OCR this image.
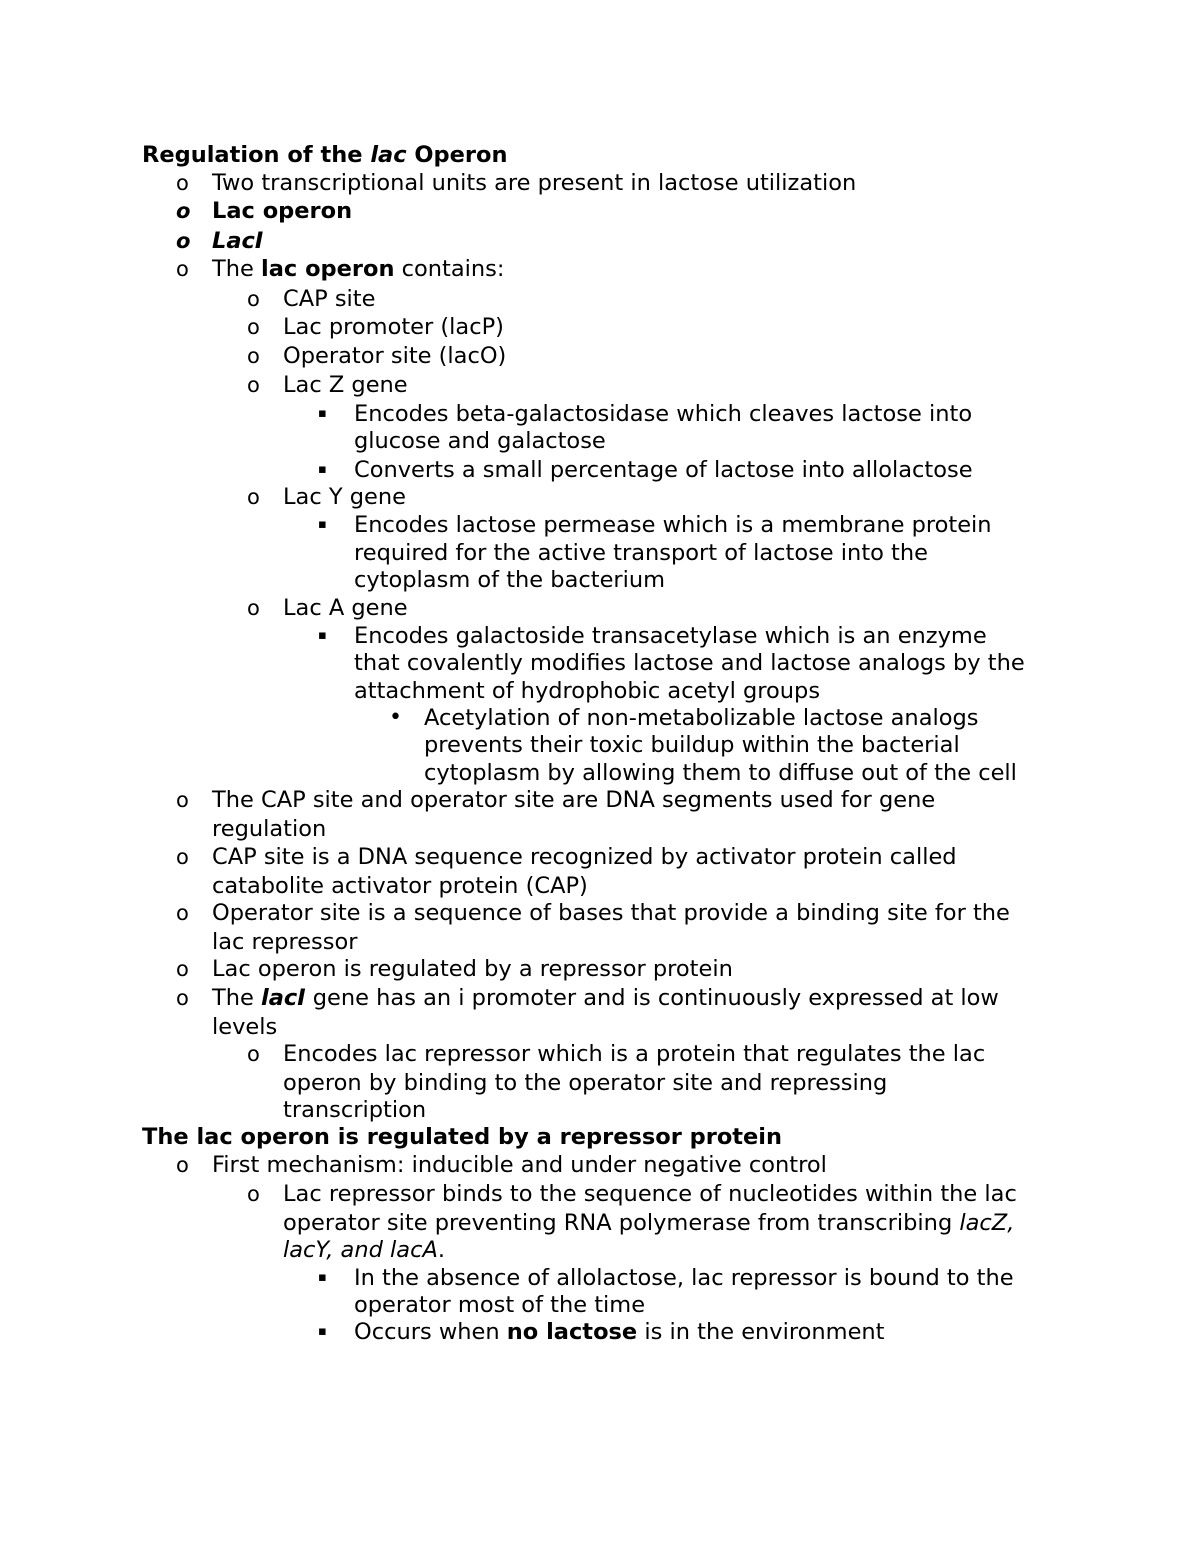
Regulation of the lac Operon
o Two transcriptional units are present in lactose utilization
o Lac operon
o LacI
o The lac operon contains:
o CAP site
o Lac promoter (lacP)
o Operator site (lacO)
o Lac Z gene
▪ Encodes beta-galactosidase which cleaves lactose into
glucose and galactose
▪ Converts a small percentage of lactose into allolactose
o Lac Y gene
▪ Encodes lactose permease which is a membrane protein
required for the active transport of lactose into the
cytoplasm of the bacterium
o Lac A gene
▪ Encodes galactoside transacetylase which is an enzyme
that covalently modifies lactose and lactose analogs by the
attachment of hydrophobic acetyl groups
• Acetylation of non-metabolizable lactose analogs
prevents their toxic buildup within the bacterial
cytoplasm by allowing them to diffuse out of the cell
o The CAP site and operator site are DNA segments used for gene
regulation
o CAP site is a DNA sequence recognized by activator protein called
catabolite activator protein (CAP)
o Operator site is a sequence of bases that provide a binding site for the
lac repressor
o Lac operon is regulated by a repressor protein
o The lacI gene has an i promoter and is continuously expressed at low
levels
o Encodes lac repressor which is a protein that regulates the lac
operon by binding to the operator site and repressing
transcription
The lac operon is regulated by a repressor protein
o First mechanism: inducible and under negative control
o Lac repressor binds to the sequence of nucleotides within the lac
operator site preventing RNA polymerase from transcribing lacZ,
lacY, and lacA.
▪ In the absence of allolactose, lac repressor is bound to the
operator most of the time
▪ Occurs when no lactose is in the environment
